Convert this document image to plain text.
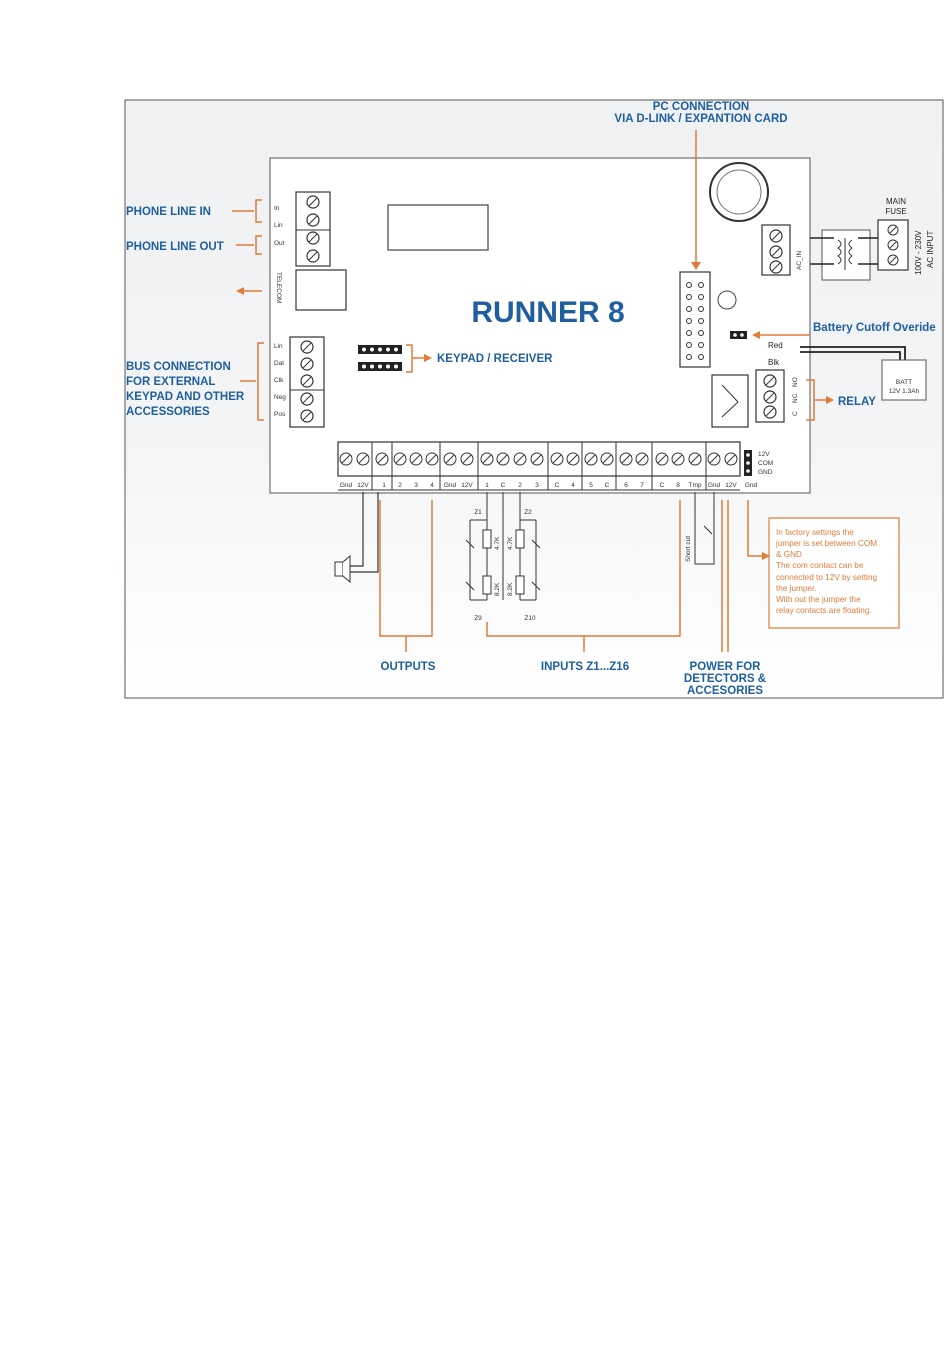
RUNNER 8
PC CONNECTION
VIA D-LINK / EXPANTION CARD
In
Lin
Out
TELECOM
PHONE LINE IN
PHONE LINE OUT
Lin
Dat
Clk
Neg
Pos
BUS CONNECTION
FOR EXTERNAL
KEYPAD AND OTHER
ACCESSORIES
KEYPAD / RECEIVER
AC_IN
MAIN
FUSE
100V - 230V AC INPUT
Battery Cutoff Overide
Red
Blk
BATT
12V 1.3Ah
NO
NC
C
RELAY
Gnd 12V 1 2 3 4 Gnd 12V 1 C 2 3 C 4 5 C 6 7 C 8 Tmp Gnd 12V Gnd
12V
COM
GND
OUTPUTS
Z1	Z2
Z9	Z10
4.7K 4.7K
8.2K 8.2K
Short cut
INPUTS Z1...Z16	POWER FOR
DETECTORS &
ACCESORIES
In factory settings the
jumper is set between COM
& GND
The com contact can be
connected to 12V by setting
the jumper.
With out the jumper the
relay contacts are floating.
